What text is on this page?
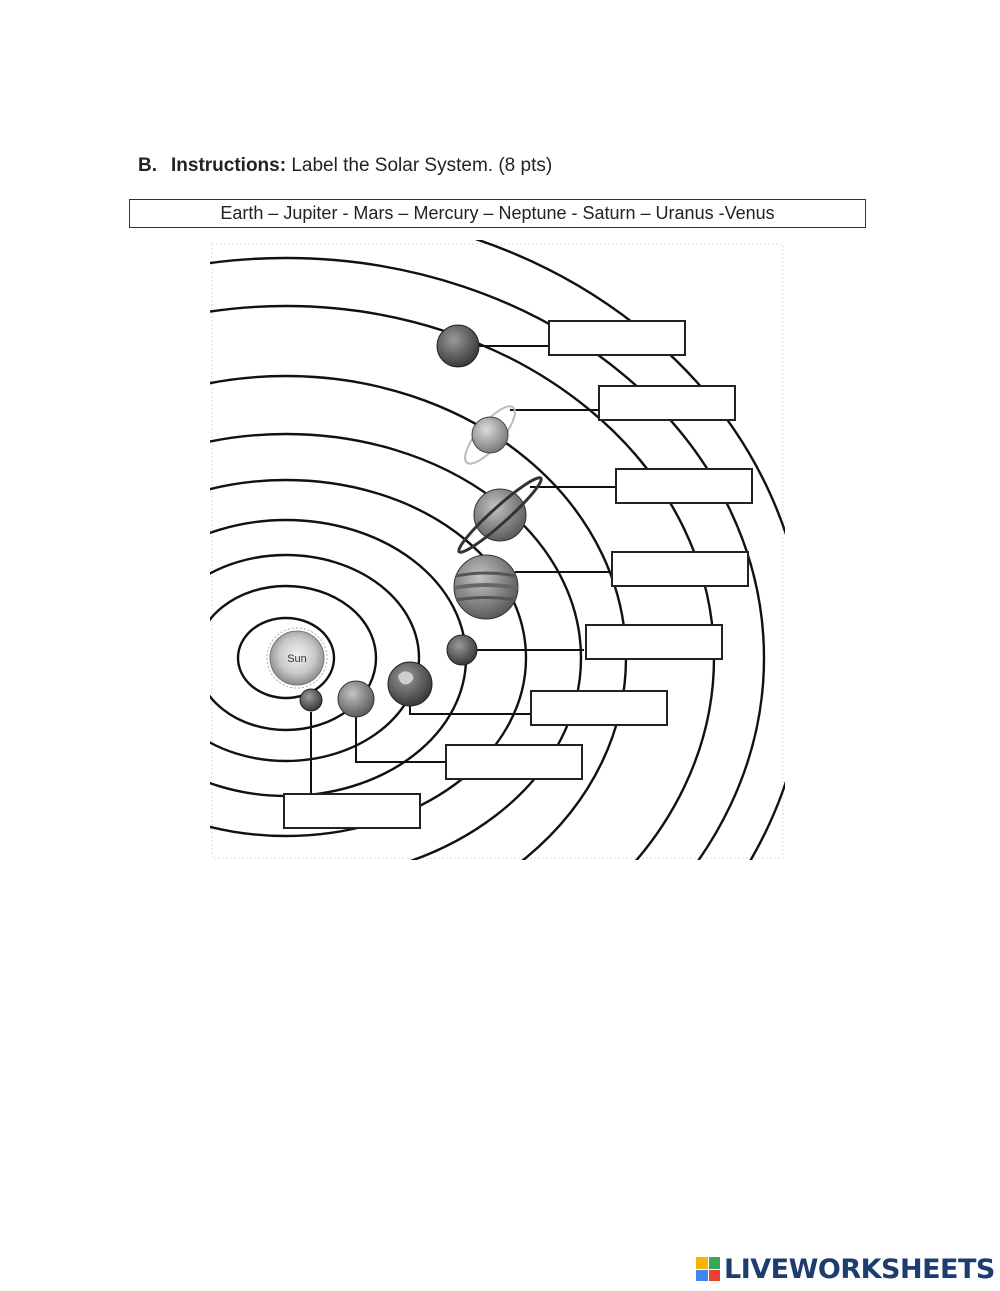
B. Instructions: Label the Solar System. (8 pts)
Earth – Jupiter - Mars – Mercury – Neptune - Saturn – Uranus -Venus
Sun
LIVEWORKSHEETS
